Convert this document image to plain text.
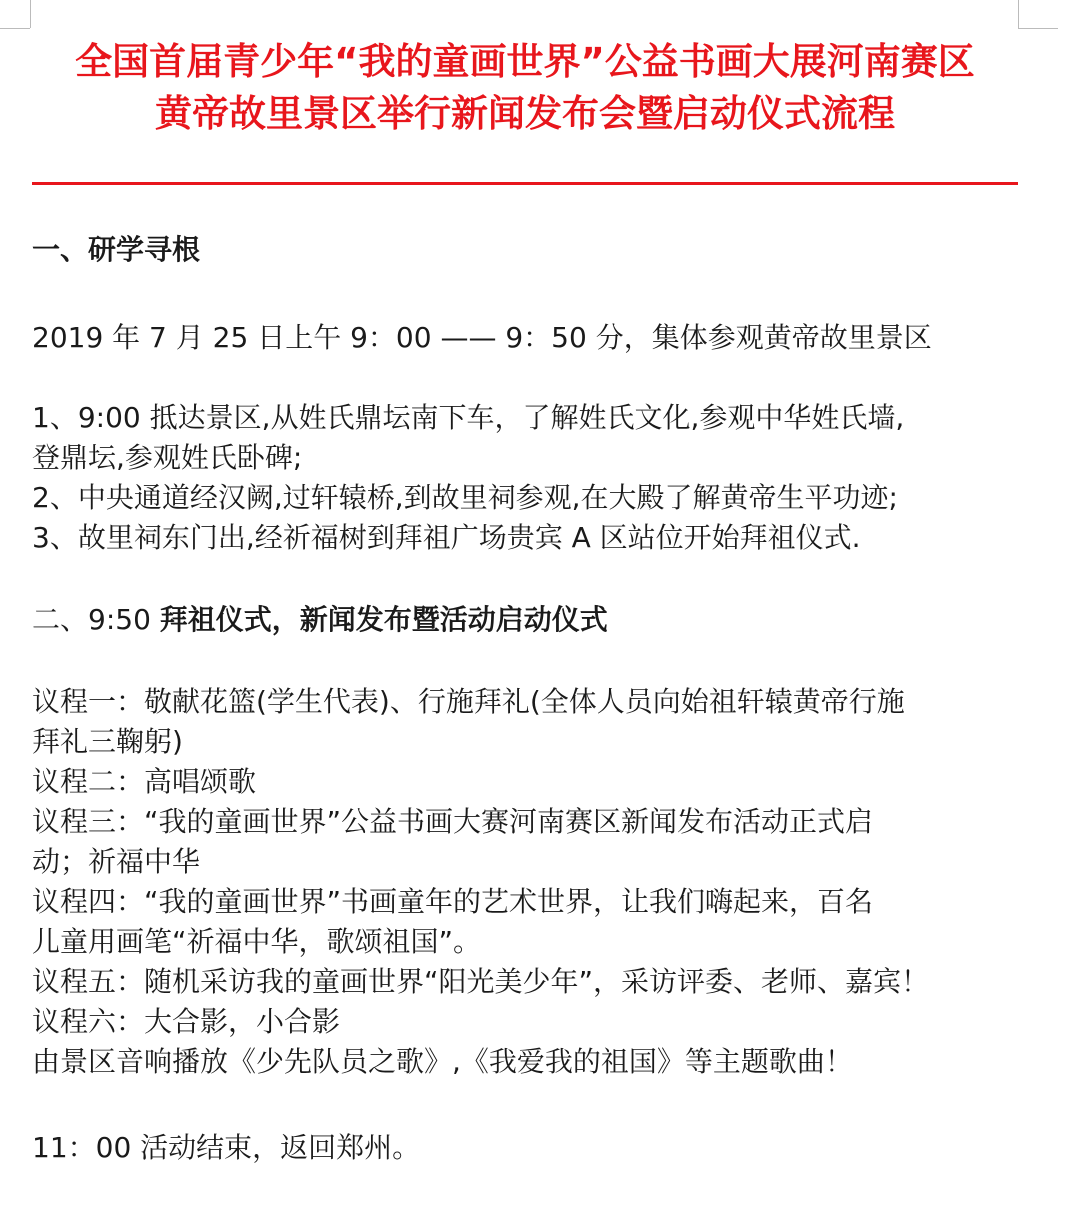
全国首届青少年“我的童画世界”公益书画大展河南赛区
黄帝故里景区举行新闻发布会暨启动仪式流程

一、研学寻根

2019 年 7 月 25 日上午 9：00 —— 9：50 分，集体参观黄帝故里景区

1、9:00 抵达景区,从姓氏鼎坛南下车，了解姓氏文化,参观中华姓氏墙,

登鼎坛,参观姓氏卧碑;

2、中央通道经汉阙,过轩辕桥,到故里祠参观,在大殿了解黄帝生平功迹;

3、故里祠东门出,经祈福树到拜祖广场贵宾 A 区站位开始拜祖仪式.

二、9:50 拜祖仪式，新闻发布暨活动启动仪式

议程一：敬献花篮(学生代表)、行施拜礼(全体人员向始祖轩辕黄帝行施

拜礼三鞠躬)

议程二：高唱颂歌

议程三：“我的童画世界”公益书画大赛河南赛区新闻发布活动正式启

动；祈福中华

议程四：“我的童画世界”书画童年的艺术世界，让我们嗨起来，百名

儿童用画笔“祈福中华，歌颂祖国”。

议程五：随机采访我的童画世界“阳光美少年”，采访评委、老师、嘉宾！

议程六：大合影，小合影

由景区音响播放《少先队员之歌》,《我爱我的祖国》等主题歌曲！

11：00 活动结束，返回郑州。
